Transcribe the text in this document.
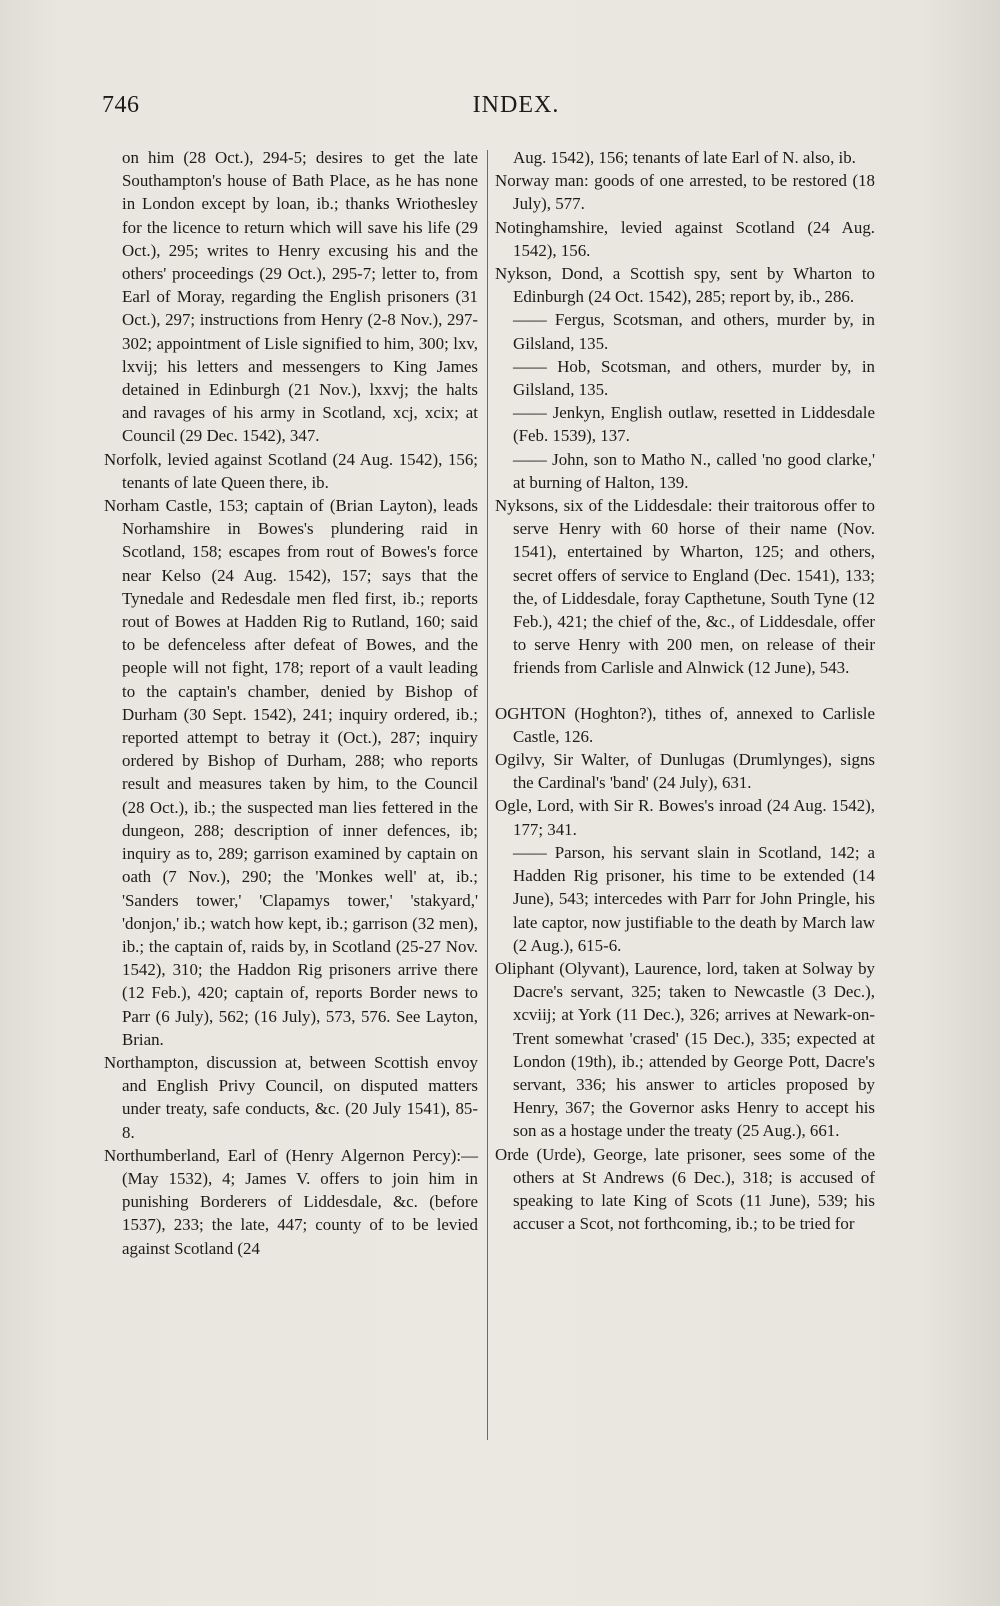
746	INDEX.

on him (28 Oct.), 294-5; desires to get the late Southampton's house of Bath Place, as he has none in London except by loan, ib.; thanks Wriothesley for the licence to return which will save his life (29 Oct.), 295; writes to Henry excusing his and the others' proceedings (29 Oct.), 295-7; letter to, from Earl of Moray, regarding the English prisoners (31 Oct.), 297; instructions from Henry (2-8 Nov.), 297-302; appointment of Lisle signified to him, 300; lxv, lxvij; his letters and messengers to King James detained in Edinburgh (21 Nov.), lxxvj; the halts and ravages of his army in Scotland, xcj, xcix; at Council (29 Dec. 1542), 347.

Norfolk, levied against Scotland (24 Aug. 1542), 156; tenants of late Queen there, ib.

Norham Castle, 153; captain of (Brian Layton), leads Norhamshire in Bowes's plundering raid in Scotland, 158; escapes from rout of Bowes's force near Kelso (24 Aug. 1542), 157; says that the Tynedale and Redesdale men fled first, ib.; reports rout of Bowes at Hadden Rig to Rutland, 160; said to be defenceless after defeat of Bowes, and the people will not fight, 178; report of a vault leading to the captain's chamber, denied by Bishop of Durham (30 Sept. 1542), 241; inquiry ordered, ib.; reported attempt to betray it (Oct.), 287; inquiry ordered by Bishop of Durham, 288; who reports result and measures taken by him, to the Council (28 Oct.), ib.; the suspected man lies fettered in the dungeon, 288; description of inner defences, ib; inquiry as to, 289; garrison examined by captain on oath (7 Nov.), 290; the 'Monkes well' at, ib.; 'Sanders tower,' 'Clapamys tower,' 'stakyard,' 'donjon,' ib.; watch how kept, ib.; garrison (32 men), ib.; the captain of, raids by, in Scotland (25-27 Nov. 1542), 310; the Haddon Rig prisoners arrive there (12 Feb.), 420; captain of, reports Border news to Parr (6 July), 562; (16 July), 573, 576. See Layton, Brian.

Northampton, discussion at, between Scottish envoy and English Privy Council, on disputed matters under treaty, safe conducts, &c. (20 July 1541), 85-8.

Northumberland, Earl of (Henry Algernon Percy):—(May 1532), 4; James V. offers to join him in punishing Borderers of Liddesdale, &c. (before 1537), 233; the late, 447; county of to be levied against Scotland (24

Aug. 1542), 156; tenants of late Earl of N. also, ib.

Norway man: goods of one arrested, to be restored (18 July), 577.

Notinghamshire, levied against Scotland (24 Aug. 1542), 156.

Nykson, Dond, a Scottish spy, sent by Wharton to Edinburgh (24 Oct. 1542), 285; report by, ib., 286.

—— Fergus, Scotsman, and others, murder by, in Gilsland, 135.

—— Hob, Scotsman, and others, murder by, in Gilsland, 135.

—— Jenkyn, English outlaw, resetted in Liddesdale (Feb. 1539), 137.

—— John, son to Matho N., called 'no good clarke,' at burning of Halton, 139.

Nyksons, six of the Liddesdale: their traitorous offer to serve Henry with 60 horse of their name (Nov. 1541), entertained by Wharton, 125; and others, secret offers of service to England (Dec. 1541), 133; the, of Liddesdale, foray Capthetune, South Tyne (12 Feb.), 421; the chief of the, &c., of Liddesdale, offer to serve Henry with 200 men, on release of their friends from Carlisle and Alnwick (12 June), 543.

OGHTON (Hoghton?), tithes of, annexed to Carlisle Castle, 126.

Ogilvy, Sir Walter, of Dunlugas (Drumlynges), signs the Cardinal's 'band' (24 July), 631.

Ogle, Lord, with Sir R. Bowes's inroad (24 Aug. 1542), 177; 341.

—— Parson, his servant slain in Scotland, 142; a Hadden Rig prisoner, his time to be extended (14 June), 543; intercedes with Parr for John Pringle, his late captor, now justifiable to the death by March law (2 Aug.), 615-6.

Oliphant (Olyvant), Laurence, lord, taken at Solway by Dacre's servant, 325; taken to Newcastle (3 Dec.), xcviij; at York (11 Dec.), 326; arrives at Newark-on-Trent somewhat 'crased' (15 Dec.), 335; expected at London (19th), ib.; attended by George Pott, Dacre's servant, 336; his answer to articles proposed by Henry, 367; the Governor asks Henry to accept his son as a hostage under the treaty (25 Aug.), 661.

Orde (Urde), George, late prisoner, sees some of the others at St Andrews (6 Dec.), 318; is accused of speaking to late King of Scots (11 June), 539; his accuser a Scot, not forthcoming, ib.; to be tried for
